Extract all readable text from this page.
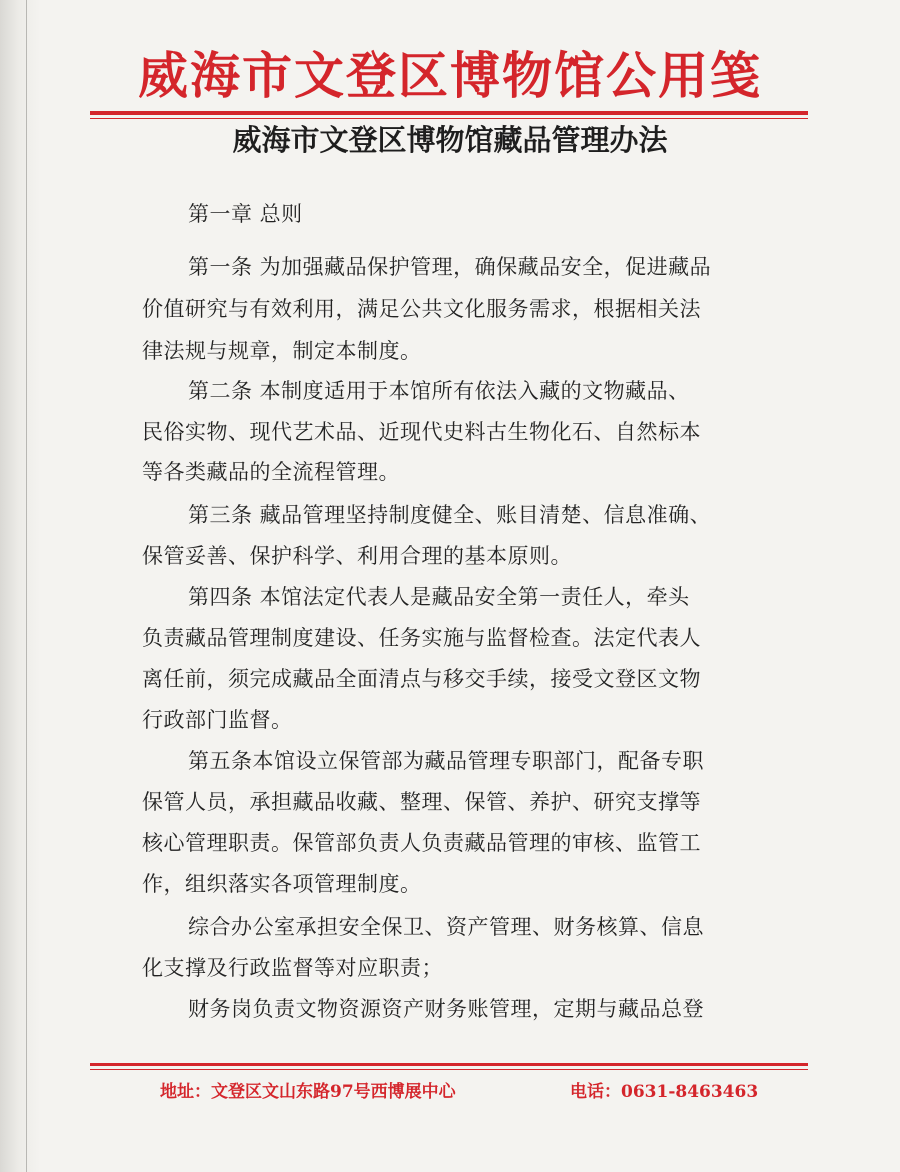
威海市文登区博物馆公用笺
威海市文登区博物馆藏品管理办法

第一章 总则

第一条 为加强藏品保护管理，确保藏品安全，促进藏品

价值研究与有效利用，满足公共文化服务需求，根据相关法

律法规与规章，制定本制度。

第二条 本制度适用于本馆所有依法入藏的文物藏品、

民俗实物、现代艺术品、近现代史料古生物化石、自然标本

等各类藏品的全流程管理。

第三条 藏品管理坚持制度健全、账目清楚、信息准确、

保管妥善、保护科学、利用合理的基本原则。

第四条 本馆法定代表人是藏品安全第一责任人，牵头

负责藏品管理制度建设、任务实施与监督检查。法定代表人

离任前，须完成藏品全面清点与移交手续，接受文登区文物

行政部门监督。

第五条本馆设立保管部为藏品管理专职部门，配备专职

保管人员，承担藏品收藏、整理、保管、养护、研究支撑等

核心管理职责。保管部负责人负责藏品管理的审核、监管工

作，组织落实各项管理制度。

综合办公室承担安全保卫、资产管理、财务核算、信息

化支撑及行政监督等对应职责；

财务岗负责文物资源资产财务账管理，定期与藏品总登

地址：文登区文山东路97号西博展中心	电话：0631-8463463
